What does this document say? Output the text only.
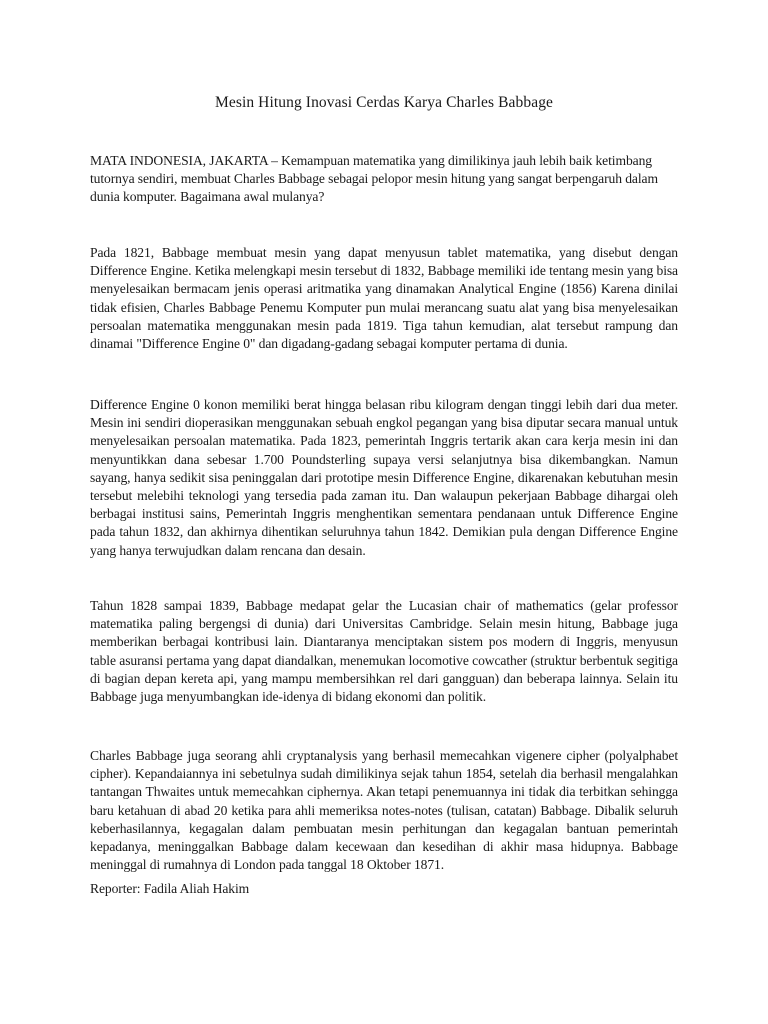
Mesin Hitung Inovasi Cerdas Karya Charles Babbage

MATA INDONESIA, JAKARTA – Kemampuan matematika yang dimilikinya jauh lebih baik ketimbang tutornya sendiri, membuat Charles Babbage sebagai pelopor mesin hitung yang sangat berpengaruh dalam dunia komputer. Bagaimana awal mulanya?

Pada 1821, Babbage membuat mesin yang dapat menyusun tablet matematika, yang disebut dengan Difference Engine. Ketika melengkapi mesin tersebut di 1832, Babbage memiliki ide tentang mesin yang bisa menyelesaikan bermacam jenis operasi aritmatika yang dinamakan Analytical Engine (1856) Karena dinilai tidak efisien, Charles Babbage Penemu Komputer pun mulai merancang suatu alat yang bisa menyelesaikan persoalan matematika menggunakan mesin pada 1819. Tiga tahun kemudian, alat tersebut rampung dan dinamai "Difference Engine 0" dan digadang-gadang sebagai komputer pertama di dunia.

Difference Engine 0 konon memiliki berat hingga belasan ribu kilogram dengan tinggi lebih dari dua meter. Mesin ini sendiri dioperasikan menggunakan sebuah engkol pegangan yang bisa diputar secara manual untuk menyelesaikan persoalan matematika. Pada 1823, pemerintah Inggris tertarik akan cara kerja mesin ini dan menyuntikkan dana sebesar 1.700 Poundsterling supaya versi selanjutnya bisa dikembangkan. Namun sayang, hanya sedikit sisa peninggalan dari prototipe mesin Difference Engine, dikarenakan kebutuhan mesin tersebut melebihi teknologi yang tersedia pada zaman itu. Dan walaupun pekerjaan Babbage dihargai oleh berbagai institusi sains, Pemerintah Inggris menghentikan sementara pendanaan untuk Difference Engine pada tahun 1832, dan akhirnya dihentikan seluruhnya tahun 1842. Demikian pula dengan Difference Engine yang hanya terwujudkan dalam rencana dan desain.

Tahun 1828 sampai 1839, Babbage medapat gelar the Lucasian chair of mathematics (gelar professor matematika paling bergengsi di dunia) dari Universitas Cambridge. Selain mesin hitung, Babbage juga memberikan berbagai kontribusi lain. Diantaranya menciptakan sistem pos modern di Inggris, menyusun table asuransi pertama yang dapat diandalkan, menemukan locomotive cowcather (struktur berbentuk segitiga di bagian depan kereta api, yang mampu membersihkan rel dari gangguan) dan beberapa lainnya. Selain itu Babbage juga menyumbangkan ide-idenya di bidang ekonomi dan politik.

Charles Babbage juga seorang ahli cryptanalysis yang berhasil memecahkan vigenere cipher (polyalphabet cipher). Kepandaiannya ini sebetulnya sudah dimilikinya sejak tahun 1854, setelah dia berhasil mengalahkan tantangan Thwaites untuk memecahkan ciphernya. Akan tetapi penemuannya ini tidak dia terbitkan sehingga baru ketahuan di abad 20 ketika para ahli memeriksa notes-notes (tulisan, catatan) Babbage. Dibalik seluruh keberhasilannya, kegagalan dalam pembuatan mesin perhitungan dan kegagalan bantuan pemerintah kepadanya, meninggalkan Babbage dalam kecewaan dan kesedihan di akhir masa hidupnya. Babbage meninggal di rumahnya di London pada tanggal 18 Oktober 1871.

Reporter: Fadila Aliah Hakim
